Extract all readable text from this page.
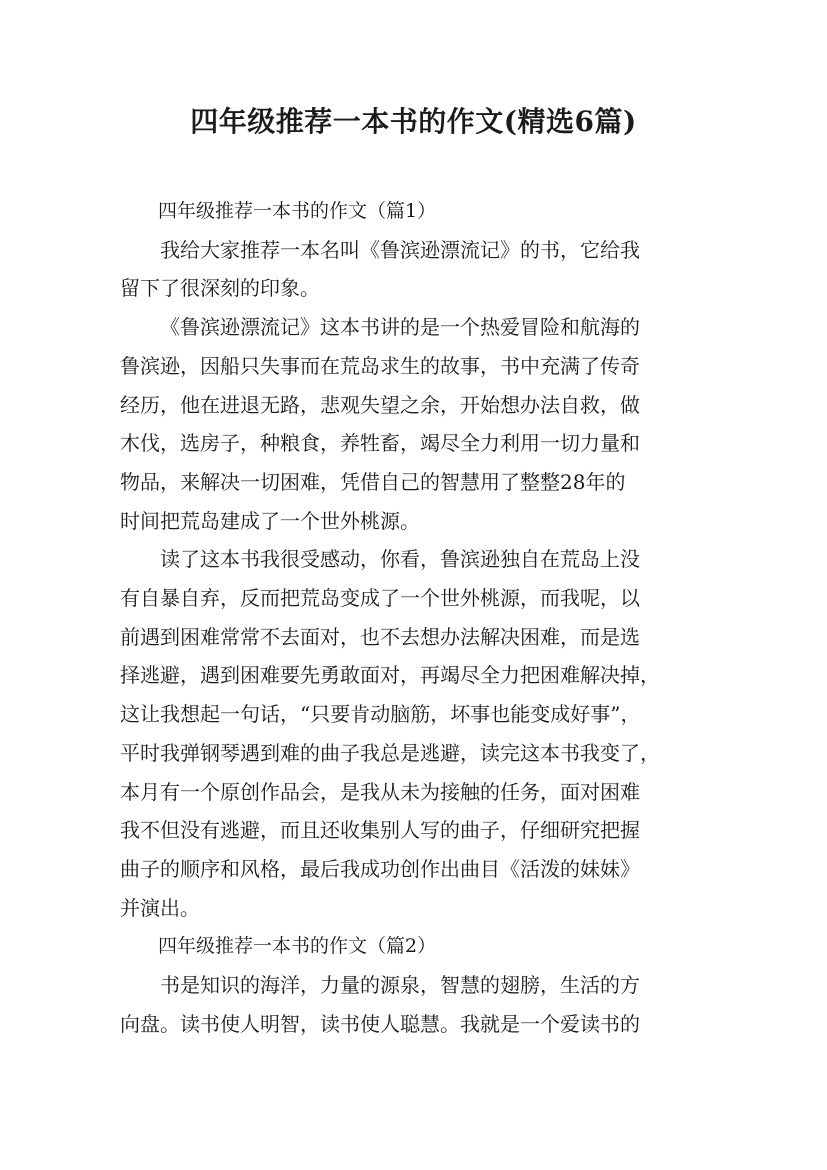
四年级推荐一本书的作文(精选6篇)
四年级推荐一本书的作文（篇1）
我给大家推荐一本名叫《鲁滨逊漂流记》的书，它给我
留下了很深刻的印象。
《鲁滨逊漂流记》这本书讲的是一个热爱冒险和航海的
鲁滨逊，因船只失事而在荒岛求生的故事，书中充满了传奇
经历，他在进退无路，悲观失望之余，开始想办法自救，做
木伐，选房子，种粮食，养牲畜，竭尽全力利用一切力量和
物品，来解决一切困难，凭借自己的智慧用了整整28年的
时间把荒岛建成了一个世外桃源。
读了这本书我很受感动，你看，鲁滨逊独自在荒岛上没
有自暴自弃，反而把荒岛变成了一个世外桃源，而我呢，以
前遇到困难常常不去面对，也不去想办法解决困难，而是选
择逃避，遇到困难要先勇敢面对，再竭尽全力把困难解决掉，
这让我想起一句话，“只要肯动脑筋，坏事也能变成好事”，
平时我弹钢琴遇到难的曲子我总是逃避，读完这本书我变了，
本月有一个原创作品会，是我从未为接触的任务，面对困难
我不但没有逃避，而且还收集别人写的曲子，仔细研究把握
曲子的顺序和风格，最后我成功创作出曲目《活泼的妹妹》
并演出。
四年级推荐一本书的作文（篇2）
书是知识的海洋，力量的源泉，智慧的翅膀，生活的方
向盘。读书使人明智，读书使人聪慧。我就是一个爱读书的
